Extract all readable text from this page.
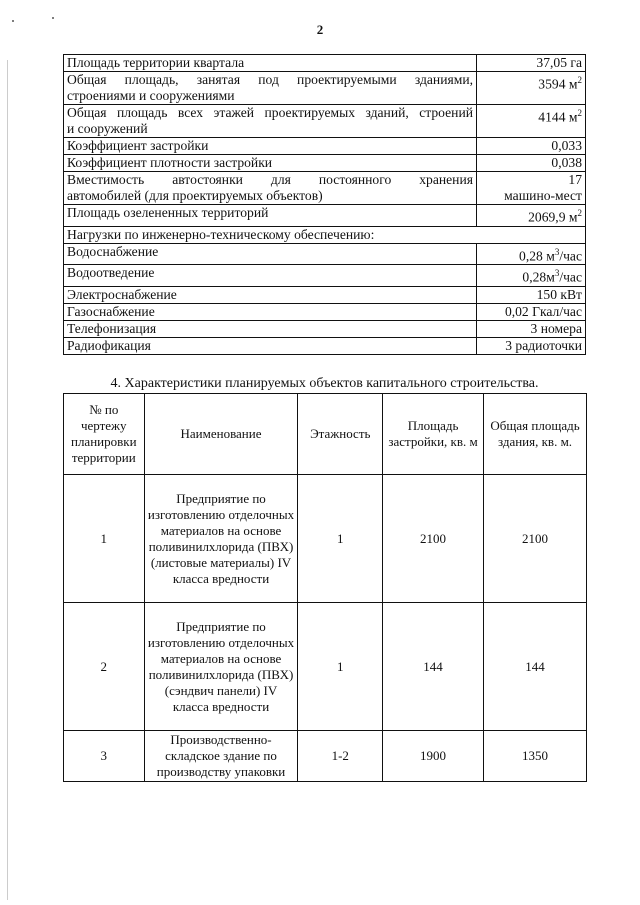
2
Площадь территории квартала	37,05 га
Общая площадь, занятая под проектируемыми зданиями,
строениями и сооружениями	3594 $м^2$
Общая площадь всех этажей проектируемых зданий, строений
и сооружений	4144 $м^2$
Коэффициент застройки	0,033
Коэффициент плотности застройки	0,038
Вместимость автостоянки для постоянного хранения
автомобилей (для проектируемых объектов)	17
машино-мест
Площадь озелененных территорий	2069,9 $м^2$
Нагрузки по инженерно-техническому обеспечению:	
Водоснабжение	0,28 $м^3$/час
Водоотведение	$0,28м^3$/час
Электроснабжение	150 кВт
Газоснабжение	0,02 Гкал/час
Телефонизация	3 номера
Радиофикация	3 радиоточки
4. Характеристики планируемых объектов капитального строительства.
№ по чертежу планировки территории	Наименование	Этажность	Площадь застройки, кв. м	Общая площадь здания, кв. м.
1	Предприятие по изготовлению отделочных материалов на основе поливинилхлорида (ПВХ) (листовые материалы) IV класса вредности	1	2100	2100
2	Предприятие по изготовлению отделочных материалов на основе поливинилхлорида (ПВХ) (сэндвич панели) IV класса вредности	1	144	144
3	Производственно-складское здание по производству упаковки	1-2	1900	1350
